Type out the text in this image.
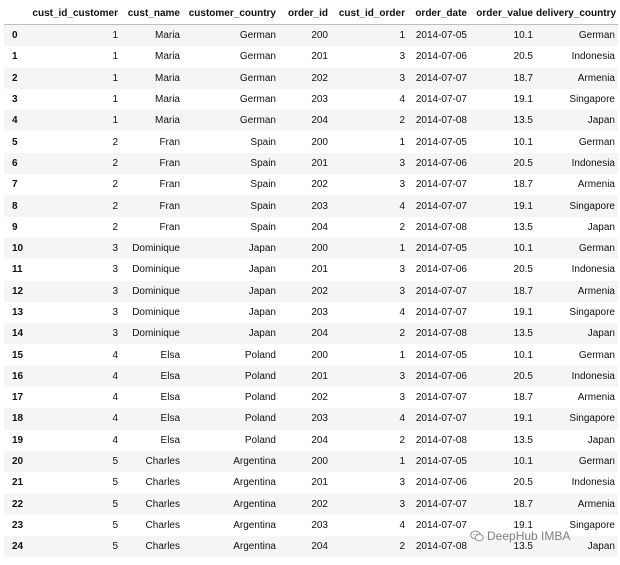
	cust_id_customer	cust_name	customer_country	order_id	cust_id_order	order_date	order_value	delivery_country
0	1	Maria	German	200	1	2014-07-05	10.1	German
1	1	Maria	German	201	3	2014-07-06	20.5	Indonesia
2	1	Maria	German	202	3	2014-07-07	18.7	Armenia
3	1	Maria	German	203	4	2014-07-07	19.1	Singapore
4	1	Maria	German	204	2	2014-07-08	13.5	Japan
5	2	Fran	Spain	200	1	2014-07-05	10.1	German
6	2	Fran	Spain	201	3	2014-07-06	20.5	Indonesia
7	2	Fran	Spain	202	3	2014-07-07	18.7	Armenia
8	2	Fran	Spain	203	4	2014-07-07	19.1	Singapore
9	2	Fran	Spain	204	2	2014-07-08	13.5	Japan
10	3	Dominique	Japan	200	1	2014-07-05	10.1	German
11	3	Dominique	Japan	201	3	2014-07-06	20.5	Indonesia
12	3	Dominique	Japan	202	3	2014-07-07	18.7	Armenia
13	3	Dominique	Japan	203	4	2014-07-07	19.1	Singapore
14	3	Dominique	Japan	204	2	2014-07-08	13.5	Japan
15	4	Elsa	Poland	200	1	2014-07-05	10.1	German
16	4	Elsa	Poland	201	3	2014-07-06	20.5	Indonesia
17	4	Elsa	Poland	202	3	2014-07-07	18.7	Armenia
18	4	Elsa	Poland	203	4	2014-07-07	19.1	Singapore
19	4	Elsa	Poland	204	2	2014-07-08	13.5	Japan
20	5	Charles	Argentina	200	1	2014-07-05	10.1	German
21	5	Charles	Argentina	201	3	2014-07-06	20.5	Indonesia
22	5	Charles	Argentina	202	3	2014-07-07	18.7	Armenia
23	5	Charles	Argentina	203	4	2014-07-07	19.1	Singapore
24	5	Charles	Argentina	204	2	2014-07-08	13.5	Japan
DeepHub IMBA
